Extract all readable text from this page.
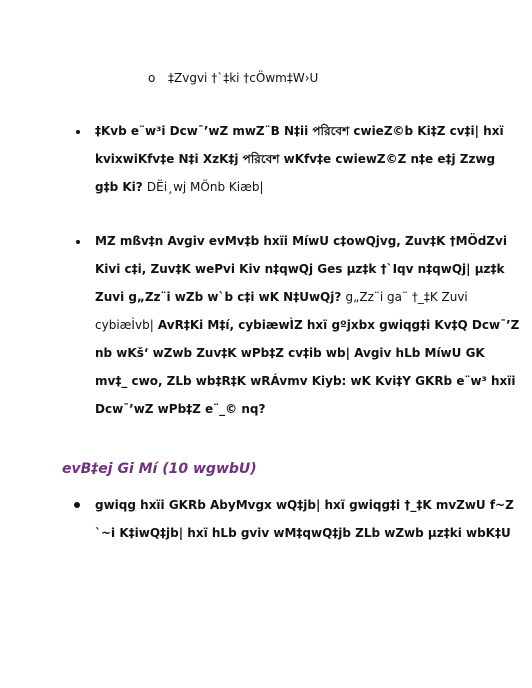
o ‡Zvgvi †`‡ki †cÖwm‡W›U
‡Kvb e¨w³i Dcw¯’wZ mwZ¨B N‡ii পরিবেশ cwieZ©b Ki‡Z cv‡i| hxï
kvixwiKfv‡e N‡i XzK‡j পরিবেশ wKfv‡e cwiewZ©Z n‡e e‡j Zzwg
g‡b Ki? DËi¸wj MÖnb Kiæb|
MZ mßv‡n Avgiv evMv‡b hxïi MíwU c‡owQjvg, Zuv‡K †MÖdZvi
Kivi c‡i, Zuv‡K wePvi Kiv n‡qwQj Ges µz‡k †`Iqv n‡qwQj| µz‡k
Zuvi g„Zz¨i wZb w`b c‡i wK N‡UwQj? g„Zz¨i ga¨ †_‡K Zuvi
cybiæÌvb| AvR‡Ki M‡í, cybiæwÌZ hxï gºjxbx gwiqg‡i Kv‡Q Dcw¯’Z
nb wKš‘ wZwb Zuv‡K wPb‡Z cv‡ib wb| Avgiv hLb MíwU GK
mv‡_ cwo, ZLb wb‡R‡K wRÁvmv Kiyb: wK Kvi‡Y GKRb e¨w³ hxïi
Dcw¯’wZ wPb‡Z e¨_© nq?
evB‡ej Gi Mí (10 wgwbU)
gwiqg hxïi GKRb AbyMvgx wQ‡jb| hxï gwiqg‡i †_‡K mvZwU f~Z
`~i K‡iwQ‡jb| hxï hLb gviv wM‡qwQ‡jb ZLb wZwb µz‡ki wbK‡U
